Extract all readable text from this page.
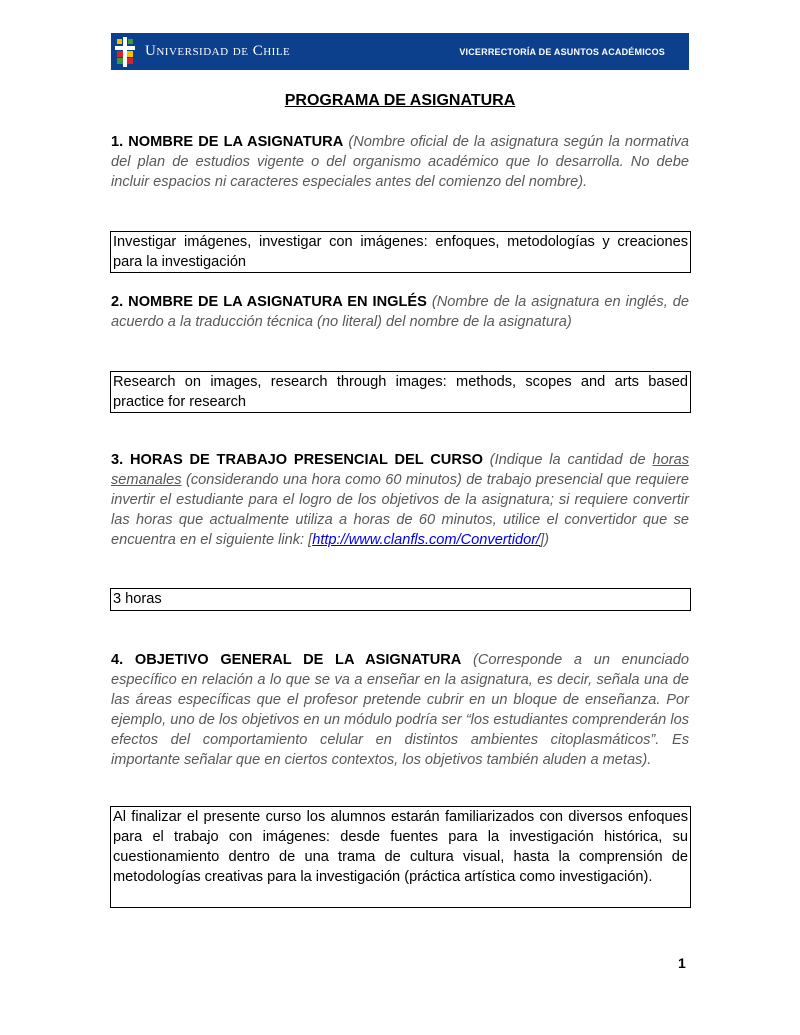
Universidad de Chile	VICERRECTORÍA DE ASUNTOS ACADÉMICOS
PROGRAMA DE ASIGNATURA

1. NOMBRE DE LA ASIGNATURA (Nombre oficial de la asignatura según la normativa del plan de estudios vigente o del organismo académico que lo desarrolla. No debe incluir espacios ni caracteres especiales antes del comienzo del nombre).

Investigar imágenes, investigar con imágenes: enfoques, metodologías y creaciones para la investigación

2. NOMBRE DE LA ASIGNATURA EN INGLÉS (Nombre de la asignatura en inglés, de acuerdo a la traducción técnica (no literal) del nombre de la asignatura)

Research on images, research through images: methods, scopes and arts based practice for research

3. HORAS DE TRABAJO PRESENCIAL DEL CURSO (Indique la cantidad de horas semanales (considerando una hora como 60 minutos) de trabajo presencial que requiere invertir el estudiante para el logro de los objetivos de la asignatura; si requiere convertir las horas que actualmente utiliza a horas de 60 minutos, utilice el convertidor que se encuentra en el siguiente link: [http://www.clanfls.com/Convertidor/])

3 horas

4. OBJETIVO GENERAL DE LA ASIGNATURA (Corresponde a un enunciado específico en relación a lo que se va a enseñar en la asignatura, es decir, señala una de las áreas específicas que el profesor pretende cubrir en un bloque de enseñanza. Por ejemplo, uno de los objetivos en un módulo podría ser “los estudiantes comprenderán los efectos del comportamiento celular en distintos ambientes citoplasmáticos”. Es importante señalar que en ciertos contextos, los objetivos también aluden a metas).

Al finalizar el presente curso los alumnos estarán familiarizados con diversos enfoques para el trabajo con imágenes: desde fuentes para la investigación histórica, su cuestionamiento dentro de una trama de cultura visual, hasta la comprensión de metodologías creativas para la investigación (práctica artística como investigación).
1
